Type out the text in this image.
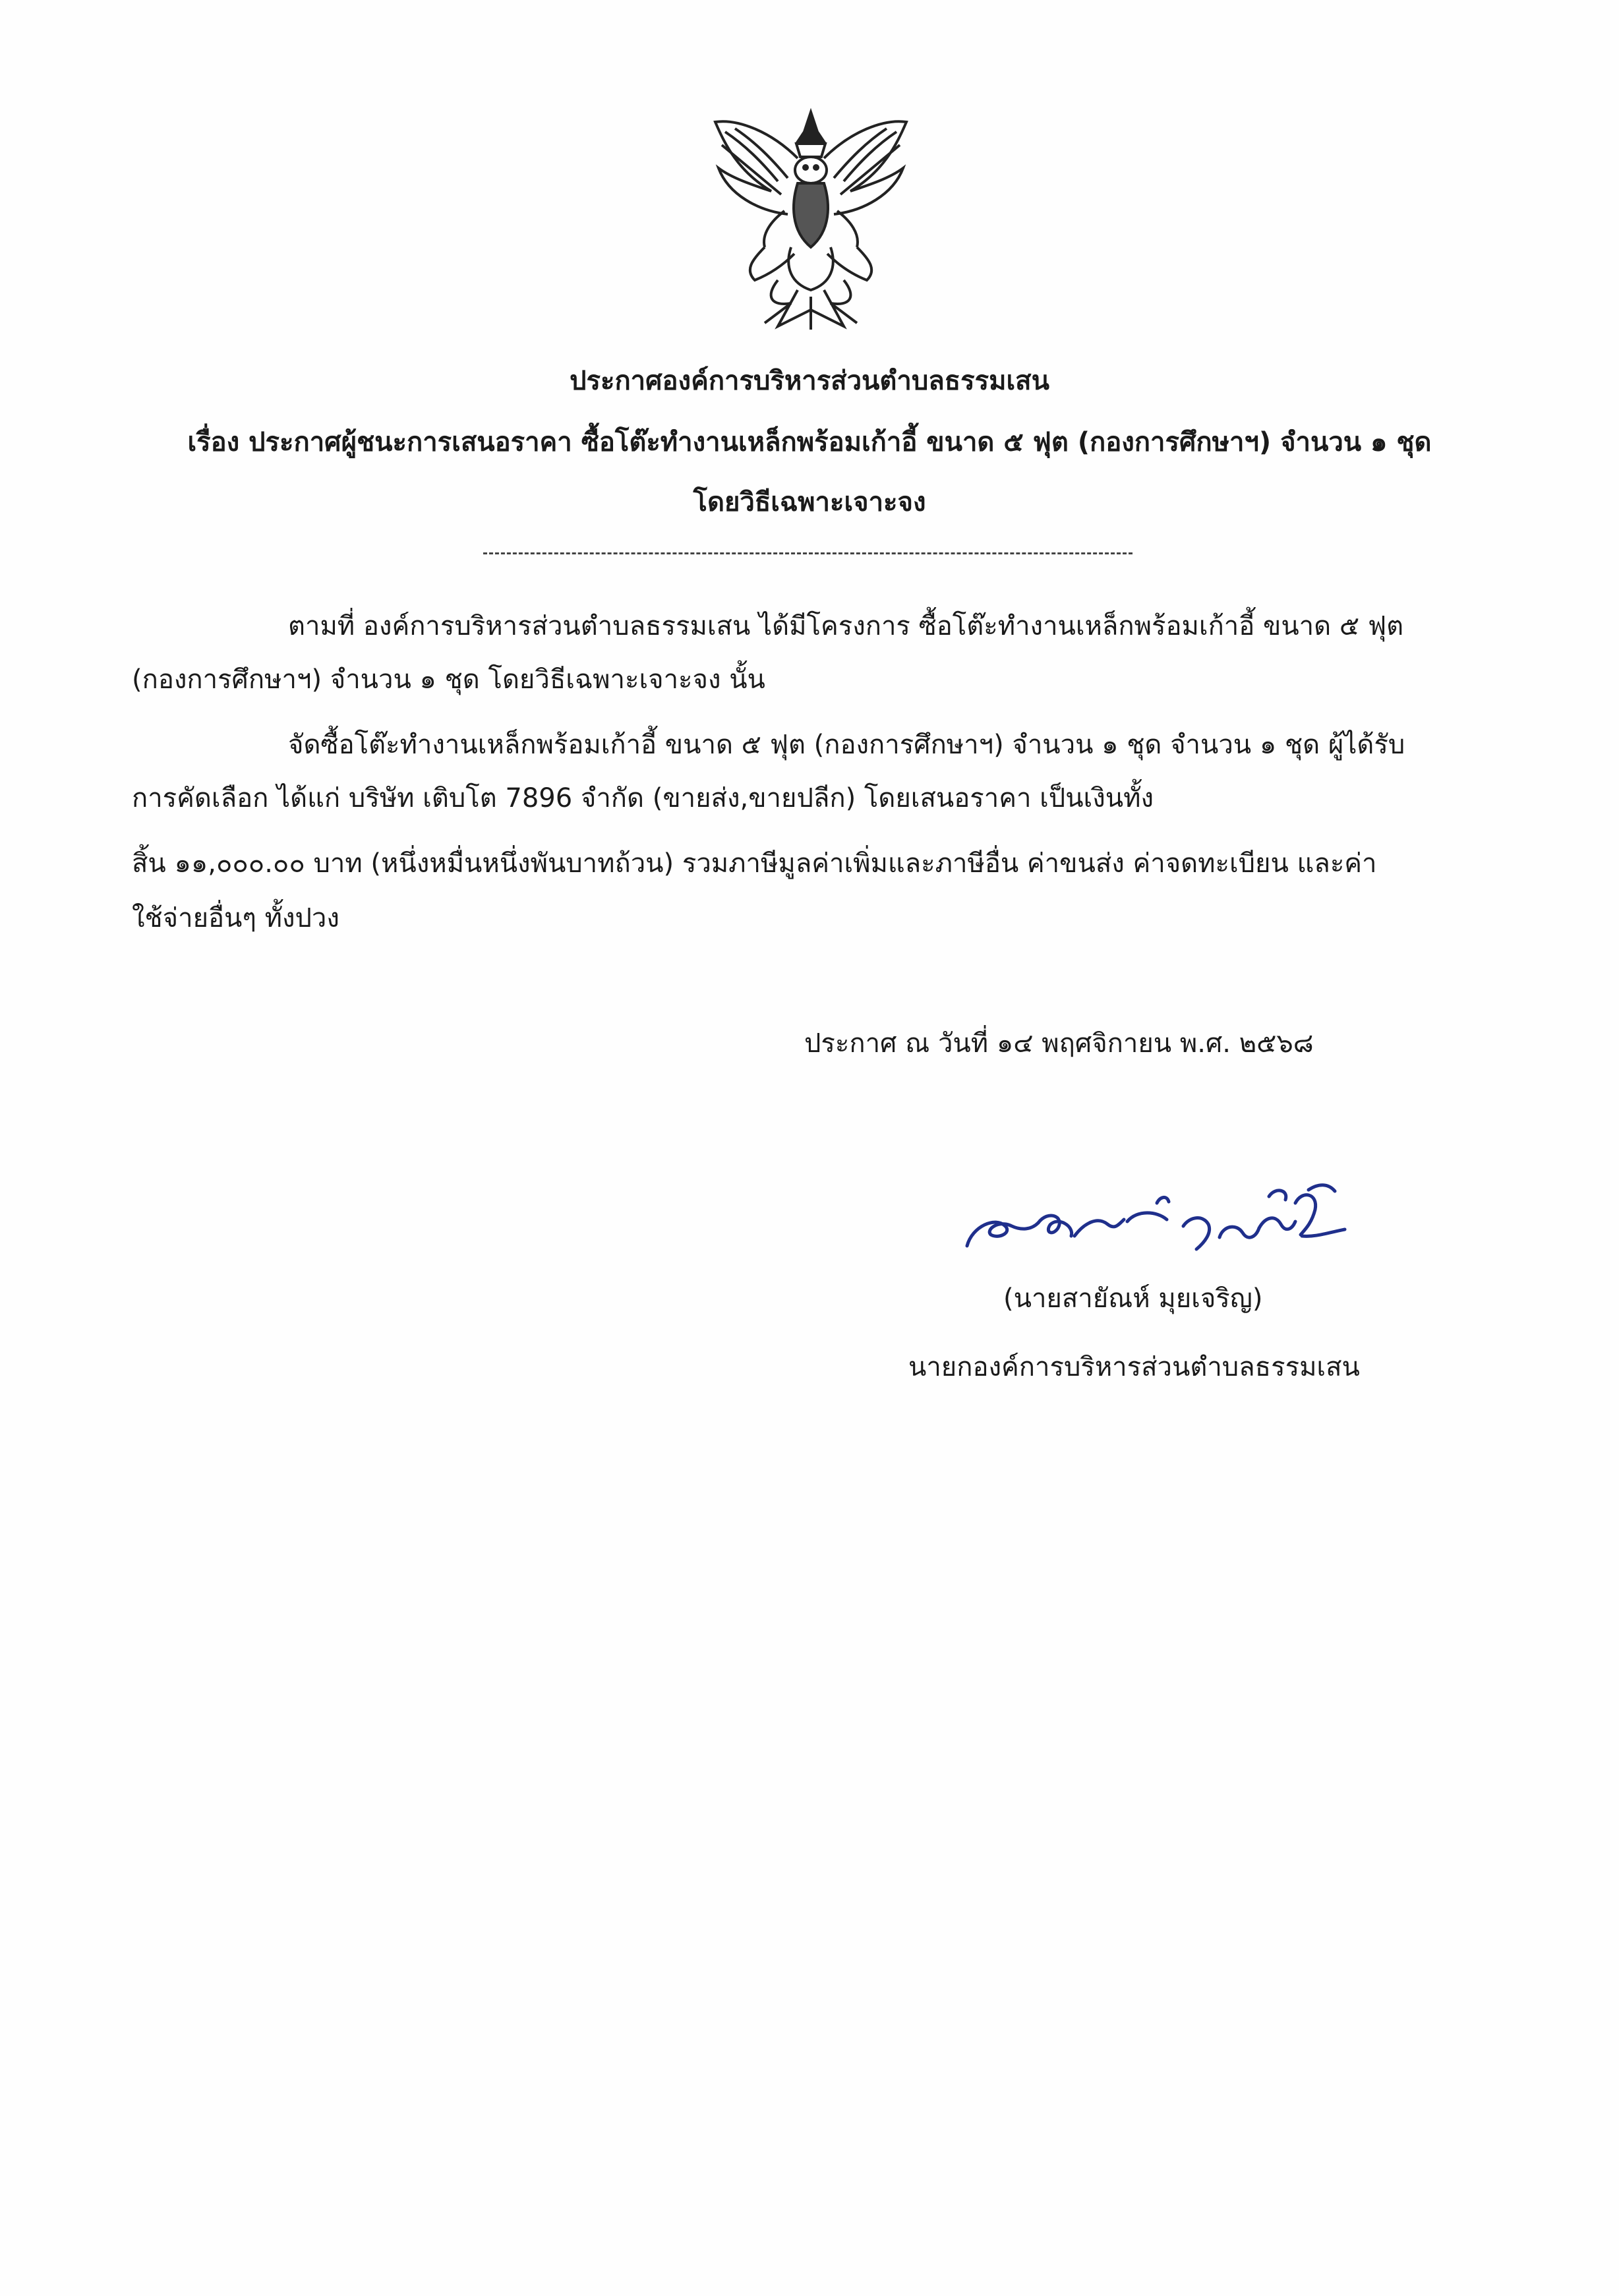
ประกาศองค์การบริหารส่วนตำบลธรรมเสน
เรื่อง ประกาศผู้ชนะการเสนอราคา ซื้อโต๊ะทำงานเหล็กพร้อมเก้าอี้ ขนาด ๕ ฟุต (กองการศึกษาฯ) จำนวน ๑ ชุด
โดยวิธีเฉพาะเจาะจง
ตามที่ องค์การบริหารส่วนตำบลธรรมเสน ได้มีโครงการ ซื้อโต๊ะทำงานเหล็กพร้อมเก้าอี้ ขนาด ๕ ฟุต
(กองการศึกษาฯ) จำนวน ๑ ชุด โดยวิธีเฉพาะเจาะจง นั้น
จัดซื้อโต๊ะทำงานเหล็กพร้อมเก้าอี้ ขนาด ๕ ฟุต (กองการศึกษาฯ) จำนวน ๑ ชุด จำนวน ๑ ชุด ผู้ได้รับ
การคัดเลือก ได้แก่ บริษัท เติบโต 7896 จำกัด (ขายส่ง,ขายปลีก) โดยเสนอราคา เป็นเงินทั้ง
สิ้น ๑๑,๐๐๐.๐๐ บาท (หนึ่งหมื่นหนึ่งพันบาทถ้วน) รวมภาษีมูลค่าเพิ่มและภาษีอื่น ค่าขนส่ง ค่าจดทะเบียน และค่า
ใช้จ่ายอื่นๆ ทั้งปวง
ประกาศ ณ วันที่ ๑๔ พฤศจิกายน พ.ศ. ๒๕๖๘
สายัณห์ มุยเจริญ
(นายสายัณห์ มุยเจริญ)
นายกองค์การบริหารส่วนตำบลธรรมเสน
